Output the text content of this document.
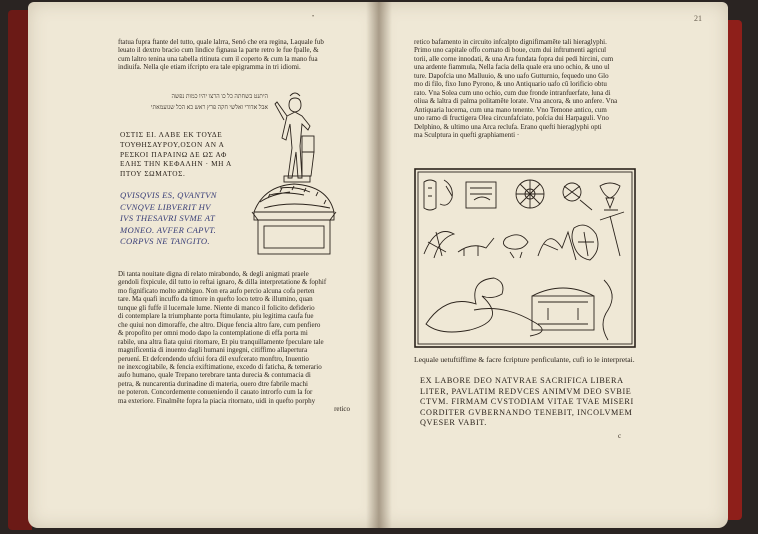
•	21

ftatua fupra ftante del tutto, quale lalrra, Senó che era regina, Laquale fub

leuato il dextro bracio cum lindice fignaua la parte retro le fue fpalle, &

cum laltro tenina una tabella ritinuta cum il coperto & cum la mano fua

indiuifa. Nella qle etiam ifcripto era tale epigramma in tri idiomi.

היתנט בשחתה כל כו הרצו יהיו כמות נפשה

אבל אדורי ואלשי חקה פרץ ראש כא הכל שגועמאתי

ΟΣΤΙΣ ΕΙ. ΛΑΒΕ ΕΚ ΤΟΥΔΕ

ΤΟΥΘΗΣΑΥΡΟΥ,ΟΣΟΝ ΑΝ Α

ΡΕΣΚΟΙ ΠΑΡΑΙΝΩ ΔΕ ΩΣ ΑΦ

ΕΛΗΣ ΤΗΝ ΚΕΦΑΛΗΝ · ΜΗ Α

ΠΤΟΥ ΣΩΜΑΤΟΣ.

QVISQVIS ES, QVANTVN

CVNQVE LIBVERIT HV

IVS THESAVRI SVME AT

MONEO. AVFER CAPVT.

CORPVS NE TANGITO.

Di tanta nouitate digna di relato mirabondo, & degli anigmati praele

gendoli fixpicule, dil tutto io reftai ignaro, & dilla interpretatione & fophif

mo fignificato molto ambiguo. Non era aufo percio alcuna cofa perten

tare. Ma quafi incuffo da timore in quefto loco tetro & illumino, quan

tunque gli fuffe il lucernale lume. Niente di manco il folicito defiderio

di contemplare la triumphante porta ftimulante, piu legitima caufa fue

che quiui non dimoraffe, che altro. Dique fencia altro fare, cum penfiero

& propofito per omni modo dapo la contemplatione di effa porta mi

rabile, una altra fiata quiui ritornare, Et piu tranquillamente fpeculare tale

magnificentia di inuento dagli humani ingegni, citiffimo allapertura

peruení. Et defcendendo ufciui fora dil exufcerato monftro, Inuentio

ne inexcogitabile, & fencia exiftimatione, excedo di faticha, & temerario

aufo humano, quale Trepano terebrare tanta durecia & contumacia di

petra, & nuncarentia durinadine di materia, ouero dtre fabrile machi

ne poteron. Concordemente conueniendo il cauato introrfo cum la for

ma exteriore. Finalmēte fopra la piacia ritornato, uidi in quefto porphy

retico

retico bafamento in circuito infcalpto dignifimamēte tali hieraglyphi.

Primo uno capitale offo cornato di boue, cum dui inftrumenti agricul

torii, alle corne innodati, & una Ara fundata fopra dui pedi hircini, cum

una ardente fiammula, Nella facia della quale era uno ochio, & uno ul

ture. Dapofcia uno Malluuio, & uno uafo Gutturnio, fequedo uno Glo

mo di filo, fixo Iuno Pyrono, & uno Antiquario uafo cū lorificio obtu

rato. Vna Solea cum uno ochio, cum due fronde intranfuerfate, luna di

oliua & laltra di palma politamēte lorate. Vna ancora, & uno anfere. Vna

Antiquaria lucerna, cum una mano tenente. Vno Temone antico, cum

uno ramo di fructigera Olea circunfafciato, poſcia dui Harpaguli. Vno

Delphino, & ultimo una Arca reclufa. Erano quefti hieraglyphi opti

ma Sculptura in quefti graphiamenti ·

Lequale uetuftiffime & facre fcripture penficulante, cufi io le interpretai.

EX LABORE DEO NATVRAE SACRIFICA LIBERA

LITER, PAVLATIM REDVCES ANIMVM DEO SVBIE

CTVM. FIRMAM CVSTODIAM VITAE TVAE MISERI

CORDITER GVBERNANDO TENEBIT, INCOLVMEM

QVESER VABIT.

c
